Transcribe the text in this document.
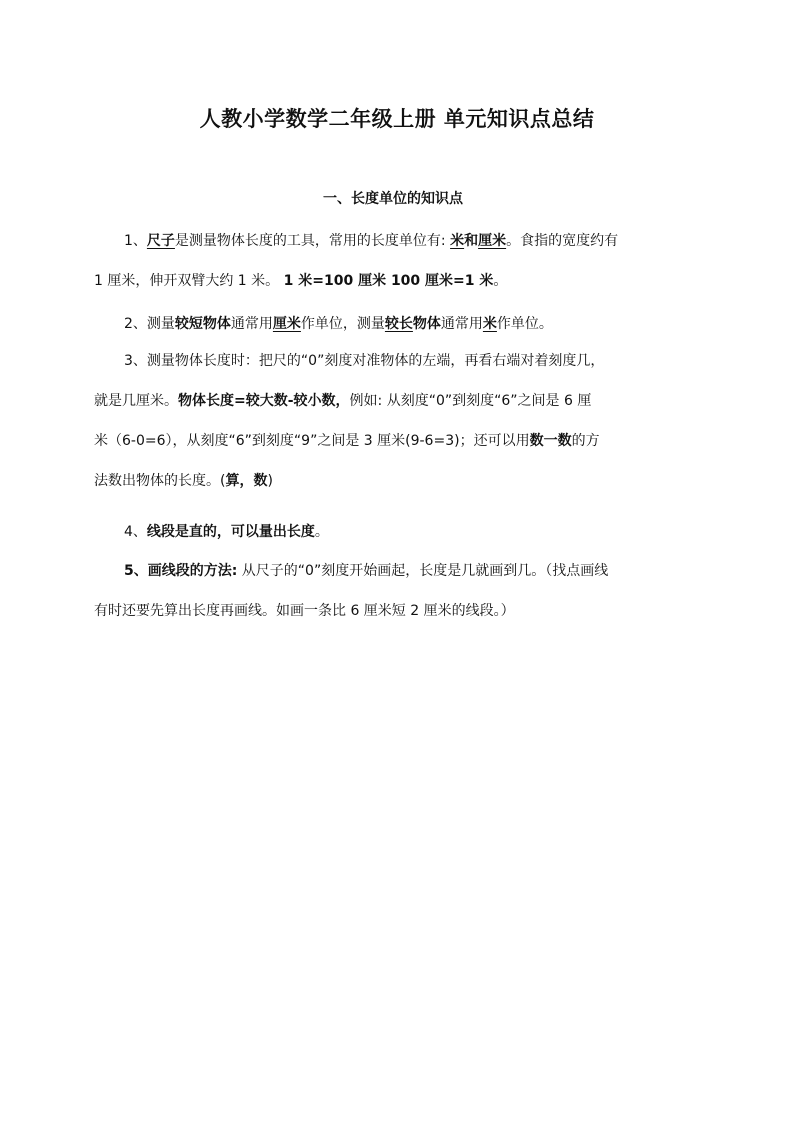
人教小学数学二年级上册 单元知识点总结
一、长度单位的知识点

1、尺子是测量物体长度的工具，常用的长度单位有: 米和厘米。食指的宽度约有
1 厘米，伸开双臂大约 1 米。 1 米=100 厘米 100 厘米=1 米。

2、测量较短物体通常用厘米作单位，测量较长物体通常用米作单位。

3、测量物体长度时：把尺的“0”刻度对准物体的左端，再看右端对着刻度几，
就是几厘米。物体长度=较大数-较小数，例如: 从刻度“0”到刻度“6”之间是 6 厘
米（6-0=6），从刻度“6”到刻度“9”之间是 3 厘米(9-6=3)；还可以用数一数的方
法数出物体的长度。(算，数)

4、线段是直的，可以量出长度。

5、画线段的方法: 从尺子的“0”刻度开始画起，长度是几就画到几。（找点画线
有时还要先算出长度再画线。如画一条比 6 厘米短 2 厘米的线段。）
